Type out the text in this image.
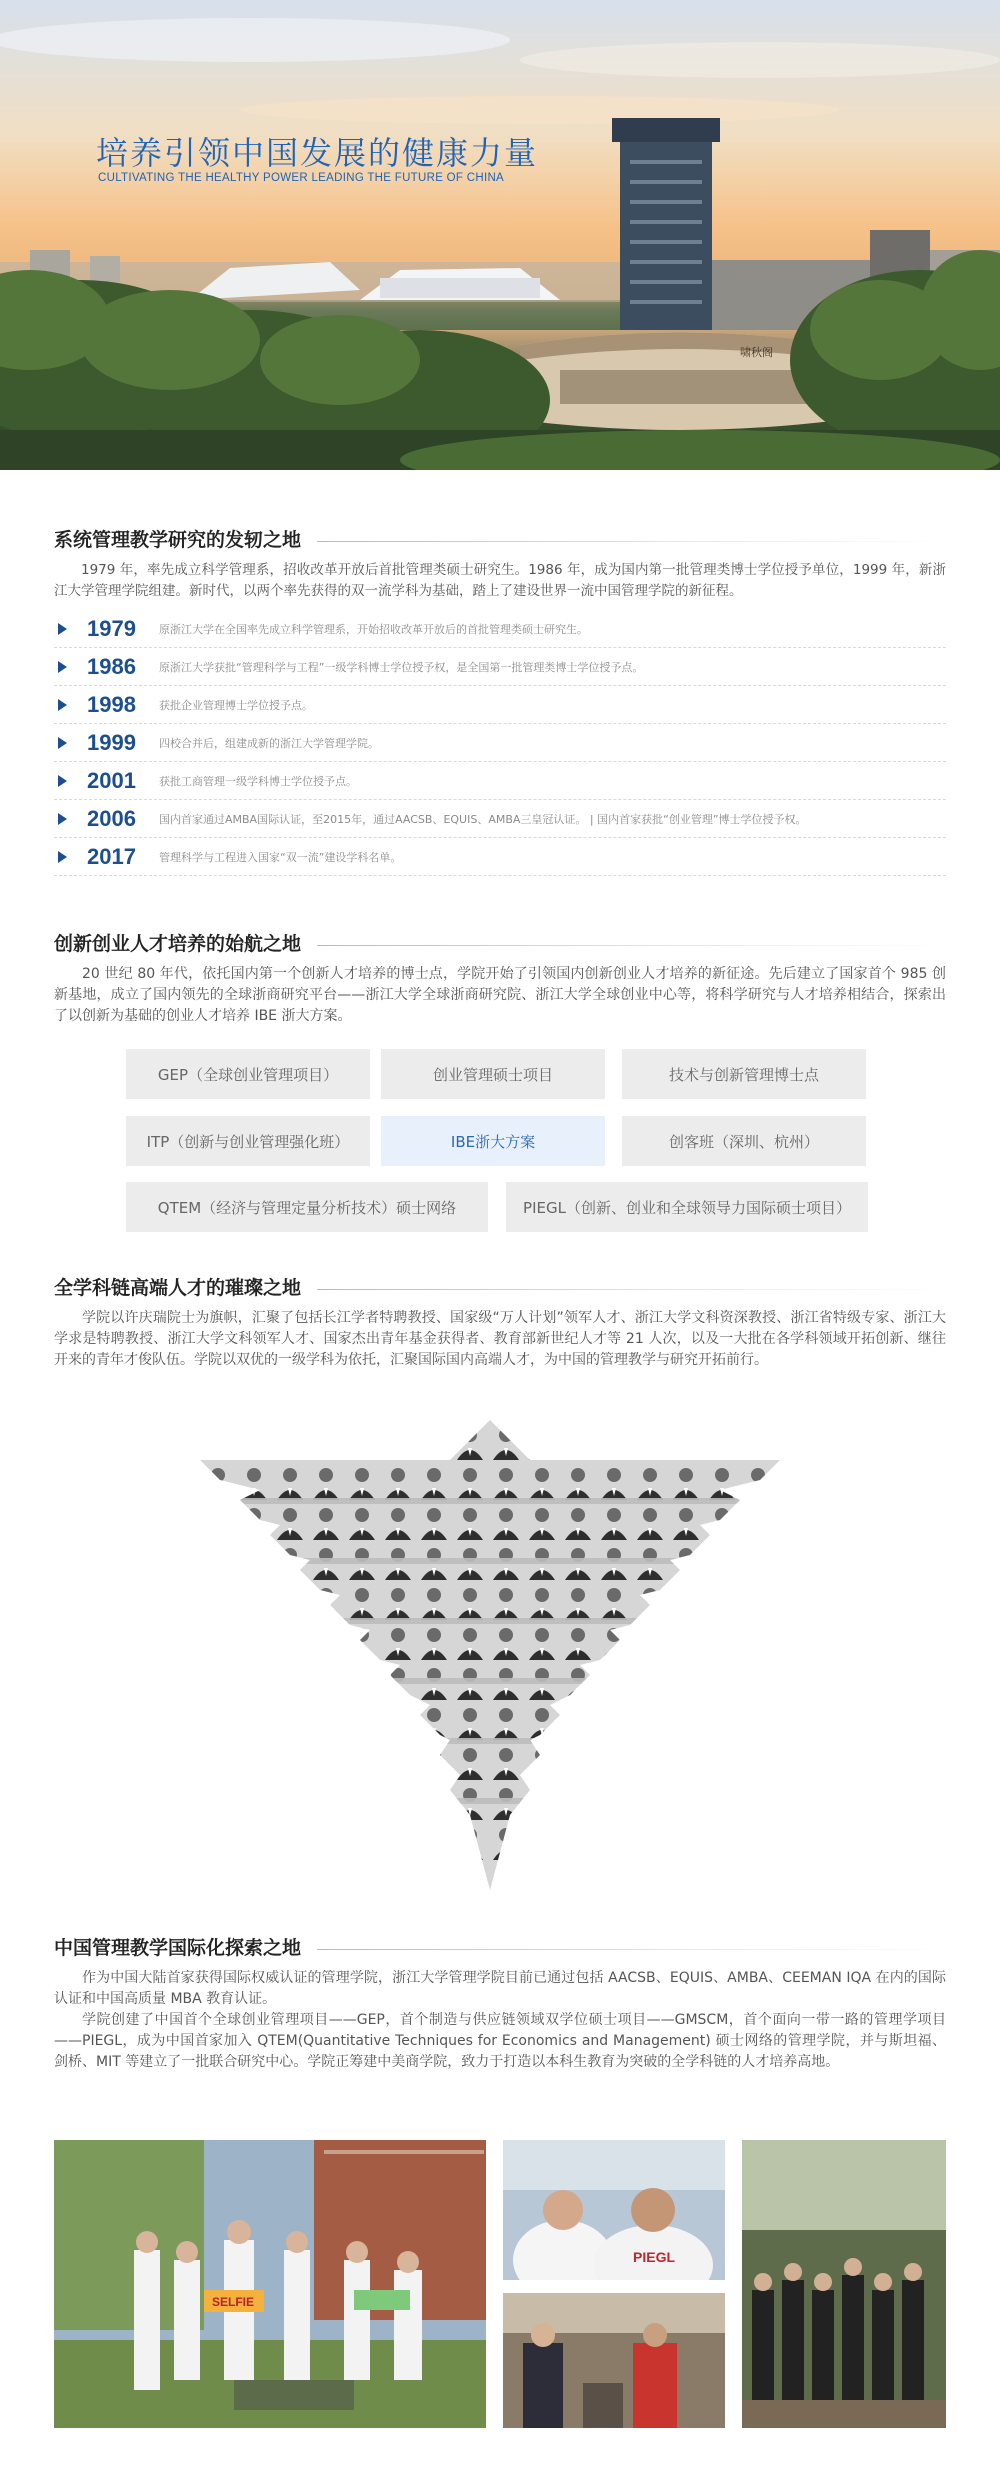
啸秋阁
培养引领中国发展的健康力量
CULTIVATING THE HEALTHY POWER LEADING THE FUTURE OF CHINA
系统管理教学研究的发轫之地
1979 年，率先成立科学管理系，招收改革开放后首批管理类硕士研究生。1986 年，成为国内第一批管理类博士学位授予单位，1999 年，新浙江大学管理学院组建。新时代，以两个率先获得的双一流学科为基础，踏上了建设世界一流中国管理学院的新征程。
1979	原浙江大学在全国率先成立科学管理系，开始招收改革开放后的首批管理类硕士研究生。
1986	原浙江大学获批“管理科学与工程”一级学科博士学位授予权，是全国第一批管理类博士学位授予点。
1998	获批企业管理博士学位授予点。
1999	四校合并后，组建成新的浙江大学管理学院。
2001	获批工商管理一级学科博士学位授予点。
2006	国内首家通过AMBA国际认证，至2015年，通过AACSB、EQUIS、AMBA三皇冠认证。 | 国内首家获批“创业管理”博士学位授予权。
2017	管理科学与工程进入国家“双一流”建设学科名单。
创新创业人才培养的始航之地
20 世纪 80 年代，依托国内第一个创新人才培养的博士点，学院开始了引领国内创新创业人才培养的新征途。先后建立了国家首个 985 创新基地，成立了国内领先的全球浙商研究平台——浙江大学全球浙商研究院、浙江大学全球创业中心等，将科学研究与人才培养相结合，探索出了以创新为基础的创业人才培养 IBE 浙大方案。
GEP（全球创业管理项目）	创业管理硕士项目	技术与创新管理博士点
ITP（创新与创业管理强化班）	IBE浙大方案	创客班（深圳、杭州）
QTEM（经济与管理定量分析技术）硕士网络	PIEGL（创新、创业和全球领导力国际硕士项目）
全学科链高端人才的璀璨之地
学院以许庆瑞院士为旗帜，汇聚了包括长江学者特聘教授、国家级“万人计划”领军人才、浙江大学文科资深教授、浙江省特级专家、浙江大学求是特聘教授、浙江大学文科领军人才、国家杰出青年基金获得者、教育部新世纪人才等 21 人次，以及一大批在各学科领域开拓创新、继往开来的青年才俊队伍。学院以双优的一级学科为依托，汇聚国际国内高端人才，为中国的管理教学与研究开拓前行。
中国管理教学国际化探索之地
作为中国大陆首家获得国际权威认证的管理学院，浙江大学管理学院目前已通过包括 AACSB、EQUIS、AMBA、CEEMAN IQA 在内的国际认证和中国高质量 MBA 教育认证。
学院创建了中国首个全球创业管理项目——GEP，首个制造与供应链领域双学位硕士项目——GMSCM，首个面向一带一路的管理学项目——PIEGL，成为中国首家加入 QTEM(Quantitative Techniques for Economics and Management) 硕士网络的管理学院，并与斯坦福、剑桥、MIT 等建立了一批联合研究中心。学院正筹建中美商学院，致力于打造以本科生教育为突破的全学科链的人才培养高地。
SELFIE
PIEGL
